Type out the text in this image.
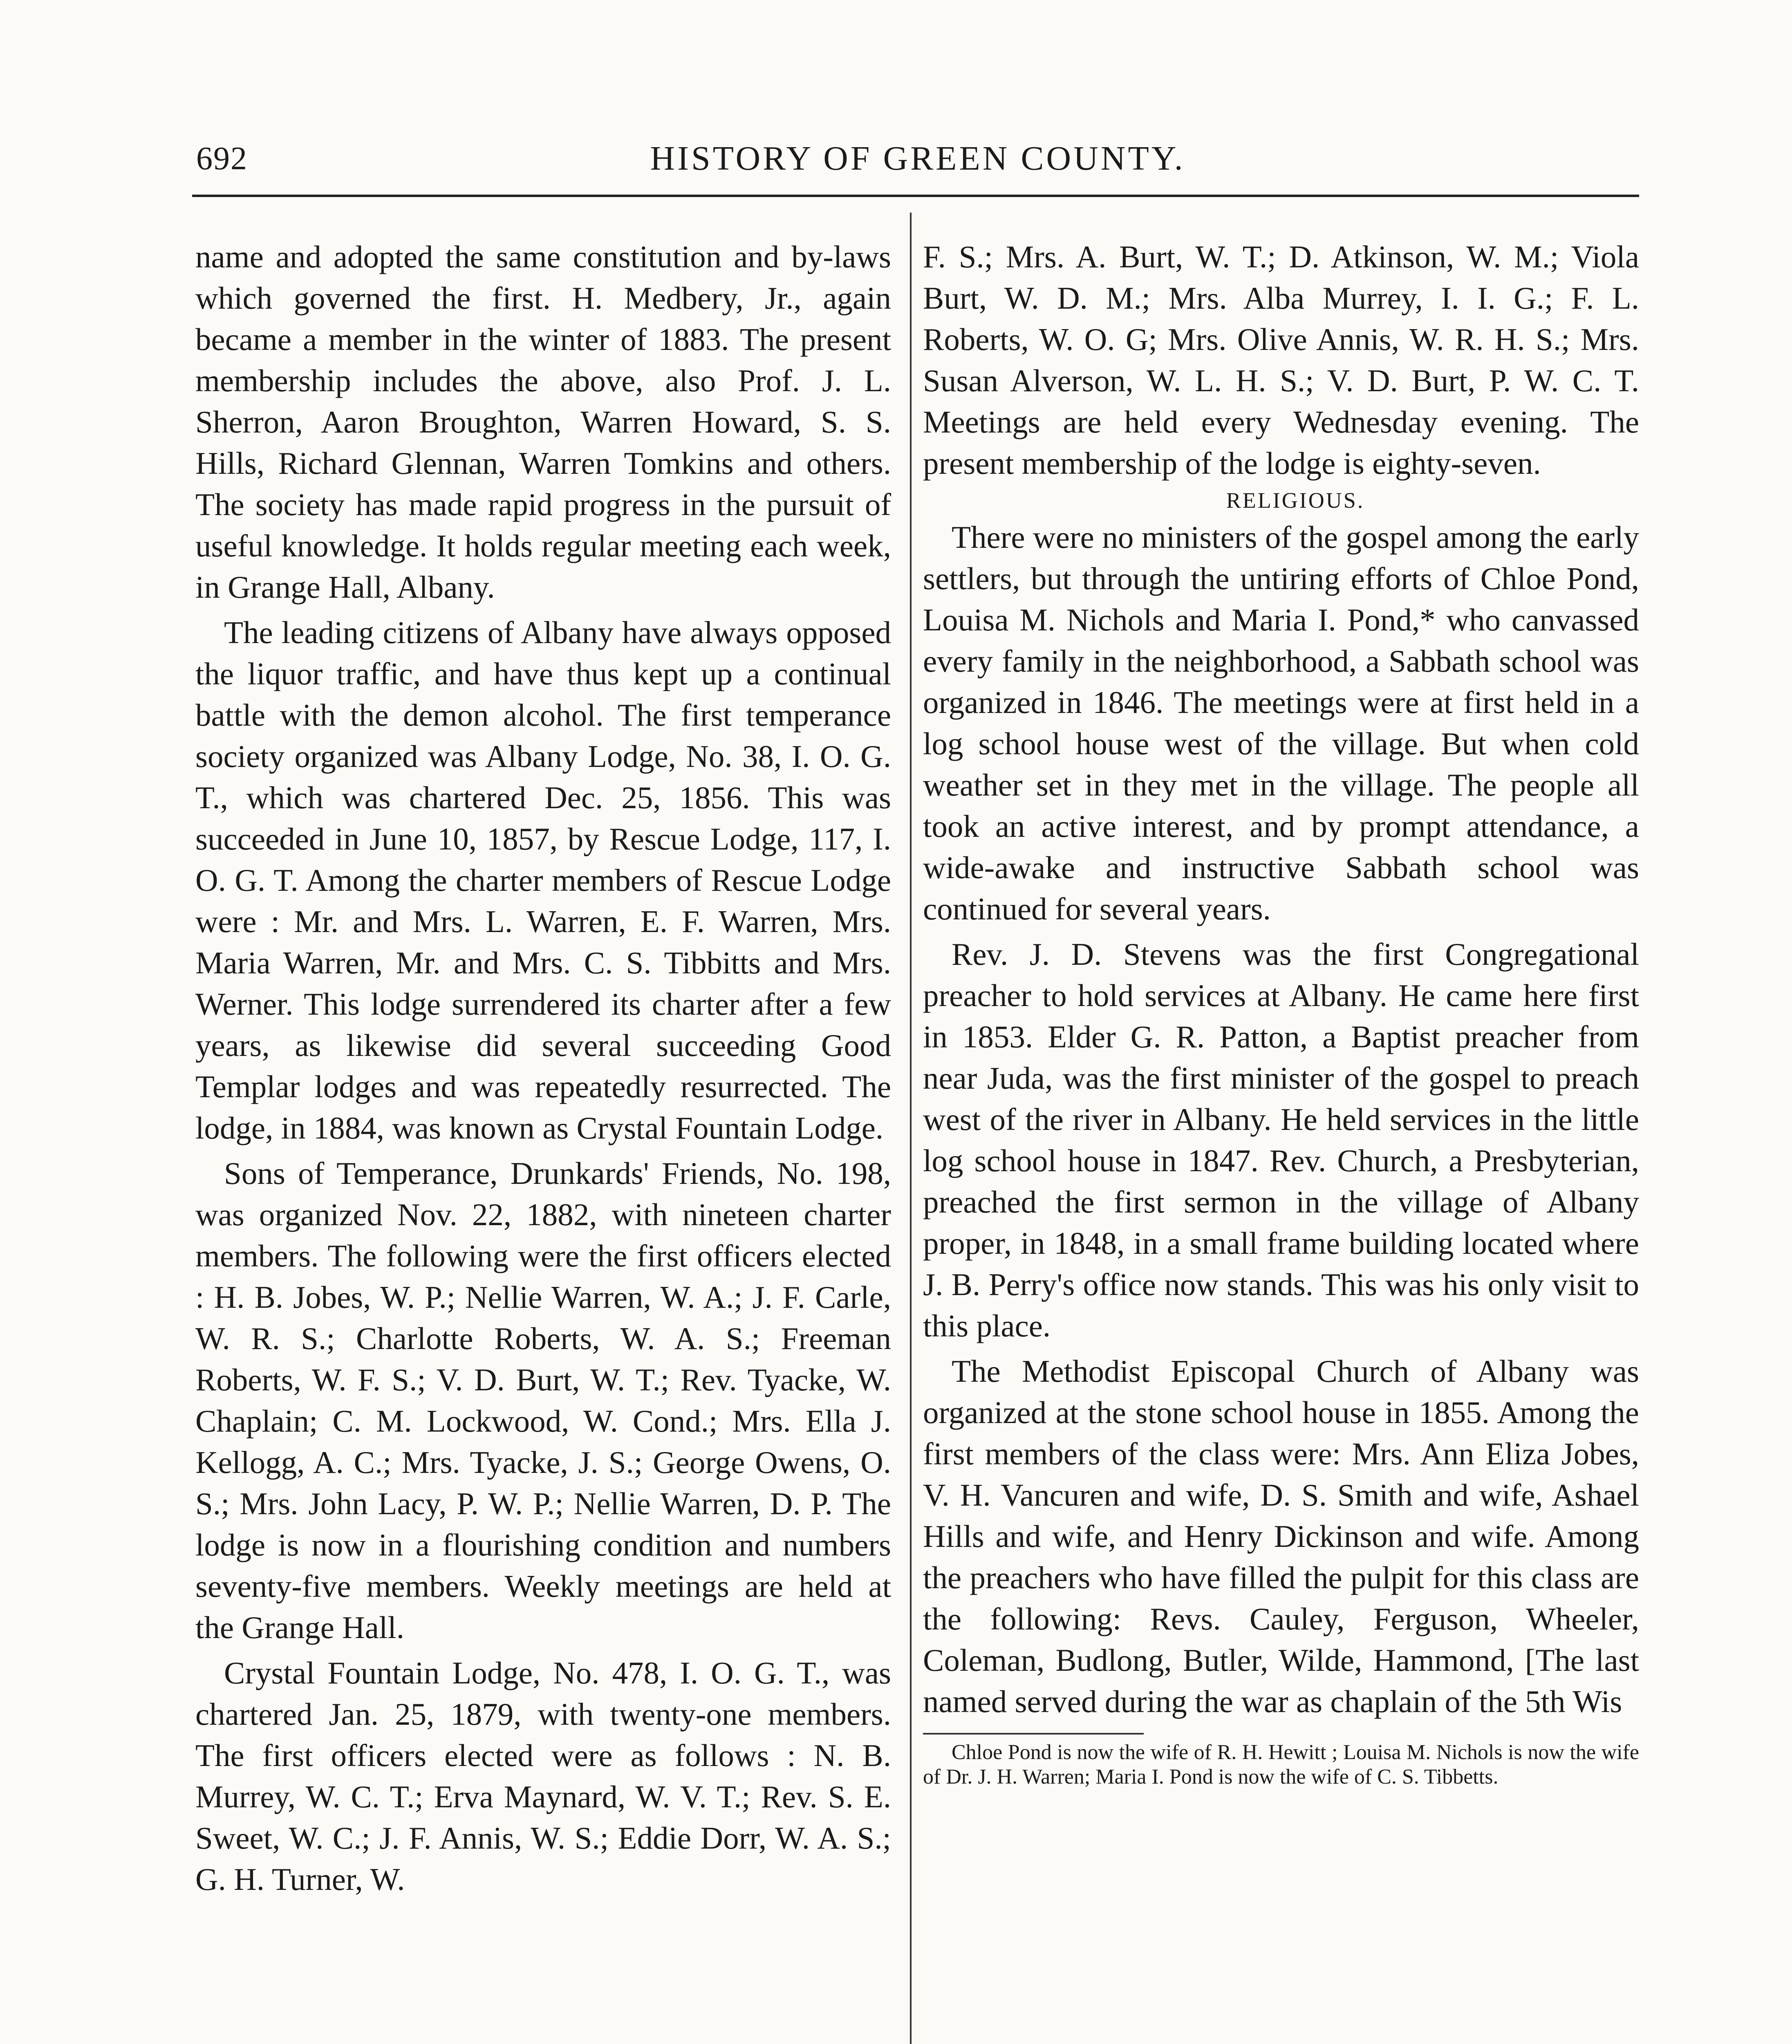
692	HISTORY OF GREEN COUNTY.

name and adopted the same constitution and by-laws which governed the first. H. Medbery, Jr., again became a member in the winter of 1883. The present membership includes the above, also Prof. J. L. Sherron, Aaron Broughton, Warren Howard, S. S. Hills, Richard Glennan, Warren Tomkins and others. The society has made rapid progress in the pursuit of useful knowledge. It holds regular meeting each week, in Grange Hall, Albany.

The leading citizens of Albany have always opposed the liquor traffic, and have thus kept up a continual battle with the demon alcohol. The first temperance society organized was Albany Lodge, No. 38, I. O. G. T., which was chartered Dec. 25, 1856. This was succeeded in June 10, 1857, by Rescue Lodge, 117, I. O. G. T. Among the charter members of Rescue Lodge were : Mr. and Mrs. L. Warren, E. F. Warren, Mrs. Maria Warren, Mr. and Mrs. C. S. Tibbitts and Mrs. Werner. This lodge surrendered its charter after a few years, as likewise did several succeeding Good Templar lodges and was repeatedly resurrected. The lodge, in 1884, was known as Crystal Fountain Lodge.

Sons of Temperance, Drunkards' Friends, No. 198, was organized Nov. 22, 1882, with nineteen charter members. The following were the first officers elected : H. B. Jobes, W. P.; Nellie Warren, W. A.; J. F. Carle, W. R. S.; Charlotte Roberts, W. A. S.; Freeman Roberts, W. F. S.; V. D. Burt, W. T.; Rev. Tyacke, W. Chaplain; C. M. Lockwood, W. Cond.; Mrs. Ella J. Kellogg, A. C.; Mrs. Tyacke, J. S.; George Owens, O. S.; Mrs. John Lacy, P. W. P.; Nellie Warren, D. P. The lodge is now in a flourishing condition and numbers seventy-five members. Weekly meetings are held at the Grange Hall.

Crystal Fountain Lodge, No. 478, I. O. G. T., was chartered Jan. 25, 1879, with twenty-one members. The first officers elected were as follows : N. B. Murrey, W. C. T.; Erva Maynard, W. V. T.; Rev. S. E. Sweet, W. C.; J. F. Annis, W. S.; Eddie Dorr, W. A. S.; G. H. Turner, W.

F. S.; Mrs. A. Burt, W. T.; D. Atkinson, W. M.; Viola Burt, W. D. M.; Mrs. Alba Murrey, I. I. G.; F. L. Roberts, W. O. G; Mrs. Olive Annis, W. R. H. S.; Mrs. Susan Alverson, W. L. H. S.; V. D. Burt, P. W. C. T. Meetings are held every Wednesday evening. The present membership of the lodge is eighty-seven.

RELIGIOUS.

There were no ministers of the gospel among the early settlers, but through the untiring efforts of Chloe Pond, Louisa M. Nichols and Maria I. Pond,* who canvassed every family in the neighborhood, a Sabbath school was organized in 1846. The meetings were at first held in a log school house west of the village. But when cold weather set in they met in the village. The people all took an active interest, and by prompt attendance, a wide-awake and instructive Sabbath school was continued for several years.

Rev. J. D. Stevens was the first Congregational preacher to hold services at Albany. He came here first in 1853. Elder G. R. Patton, a Baptist preacher from near Juda, was the first minister of the gospel to preach west of the river in Albany. He held services in the little log school house in 1847. Rev. Church, a Presbyterian, preached the first sermon in the village of Albany proper, in 1848, in a small frame building located where J. B. Perry's office now stands. This was his only visit to this place.

The Methodist Episcopal Church of Albany was organized at the stone school house in 1855. Among the first members of the class were: Mrs. Ann Eliza Jobes, V. H. Vancuren and wife, D. S. Smith and wife, Ashael Hills and wife, and Henry Dickinson and wife. Among the preachers who have filled the pulpit for this class are the following: Revs. Cauley, Ferguson, Wheeler, Coleman, Budlong, Butler, Wilde, Hammond, [The last named served during the war as chaplain of the 5th Wis

Chloe Pond is now the wife of R. H. Hewitt ; Louisa M. Nichols is now the wife of Dr. J. H. Warren; Maria I. Pond is now the wife of C. S. Tibbetts.
